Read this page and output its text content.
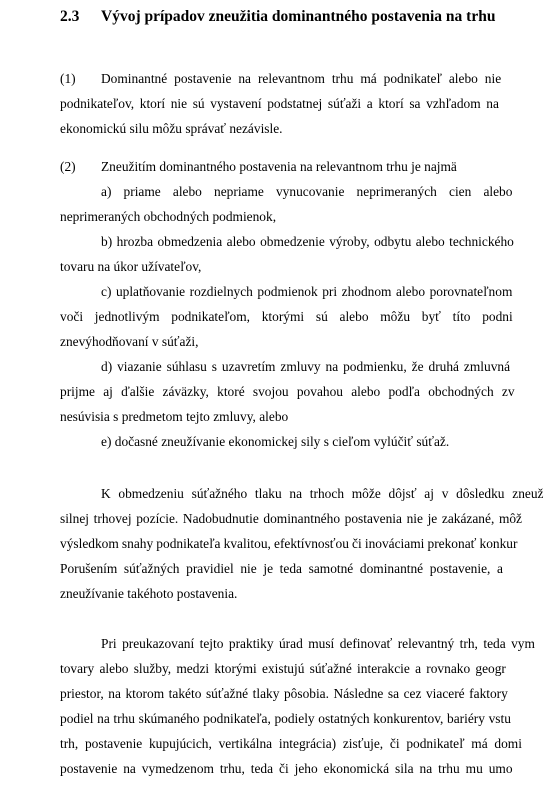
2.3 Vývoj prípadov zneužitia dominantného postavenia na trhu
(1) Dominantné postavenie na relevantnom trhu má podnikateľ alebo nie
podnikateľov, ktorí nie sú vystavení podstatnej súťaži a ktorí sa vzhľadom na
ekonomickú silu môžu správať nezávisle.
(2) Zneužitím dominantného postavenia na relevantnom trhu je najmä
a) priame alebo nepriame vynucovanie neprimeraných cien alebo
neprimeraných obchodných podmienok,
b) hrozba obmedzenia alebo obmedzenie výroby, odbytu alebo technického
tovaru na úkor užívateľov,
c) uplatňovanie rozdielnych podmienok pri zhodnom alebo porovnateľnom
voči jednotlivým podnikateľom, ktorými sú alebo môžu byť títo podni
znevýhodňovaní v súťaži,
d) viazanie súhlasu s uzavretím zmluvy na podmienku, že druhá zmluvná
prijme aj ďalšie záväzky, ktoré svojou povahou alebo podľa obchodných zv
nesúvisia s predmetom tejto zmluvy, alebo
e) dočasné zneužívanie ekonomickej sily s cieľom vylúčiť súťaž.
K obmedzeniu súťažného tlaku na trhoch môže dôjsť aj v dôsledku zneuž
silnej trhovej pozície. Nadobudnutie dominantného postavenia nie je zakázané, môž
výsledkom snahy podnikateľa kvalitou, efektívnosťou či inováciami prekonať konkur
Porušením súťažných pravidiel nie je teda samotné dominantné postavenie, a
zneužívanie takéhoto postavenia.
Pri preukazovaní tejto praktiky úrad musí definovať relevantný trh, teda vym
tovary alebo služby, medzi ktorými existujú súťažné interakcie a rovnako geogr
priestor, na ktorom takéto súťažné tlaky pôsobia. Následne sa cez viaceré faktory
podiel na trhu skúmaného podnikateľa, podiely ostatných konkurentov, bariéry vstu
trh, postavenie kupujúcich, vertikálna integrácia) zisťuje, či podnikateľ má domi
postavenie na vymedzenom trhu, teda či jeho ekonomická sila na trhu mu umo
